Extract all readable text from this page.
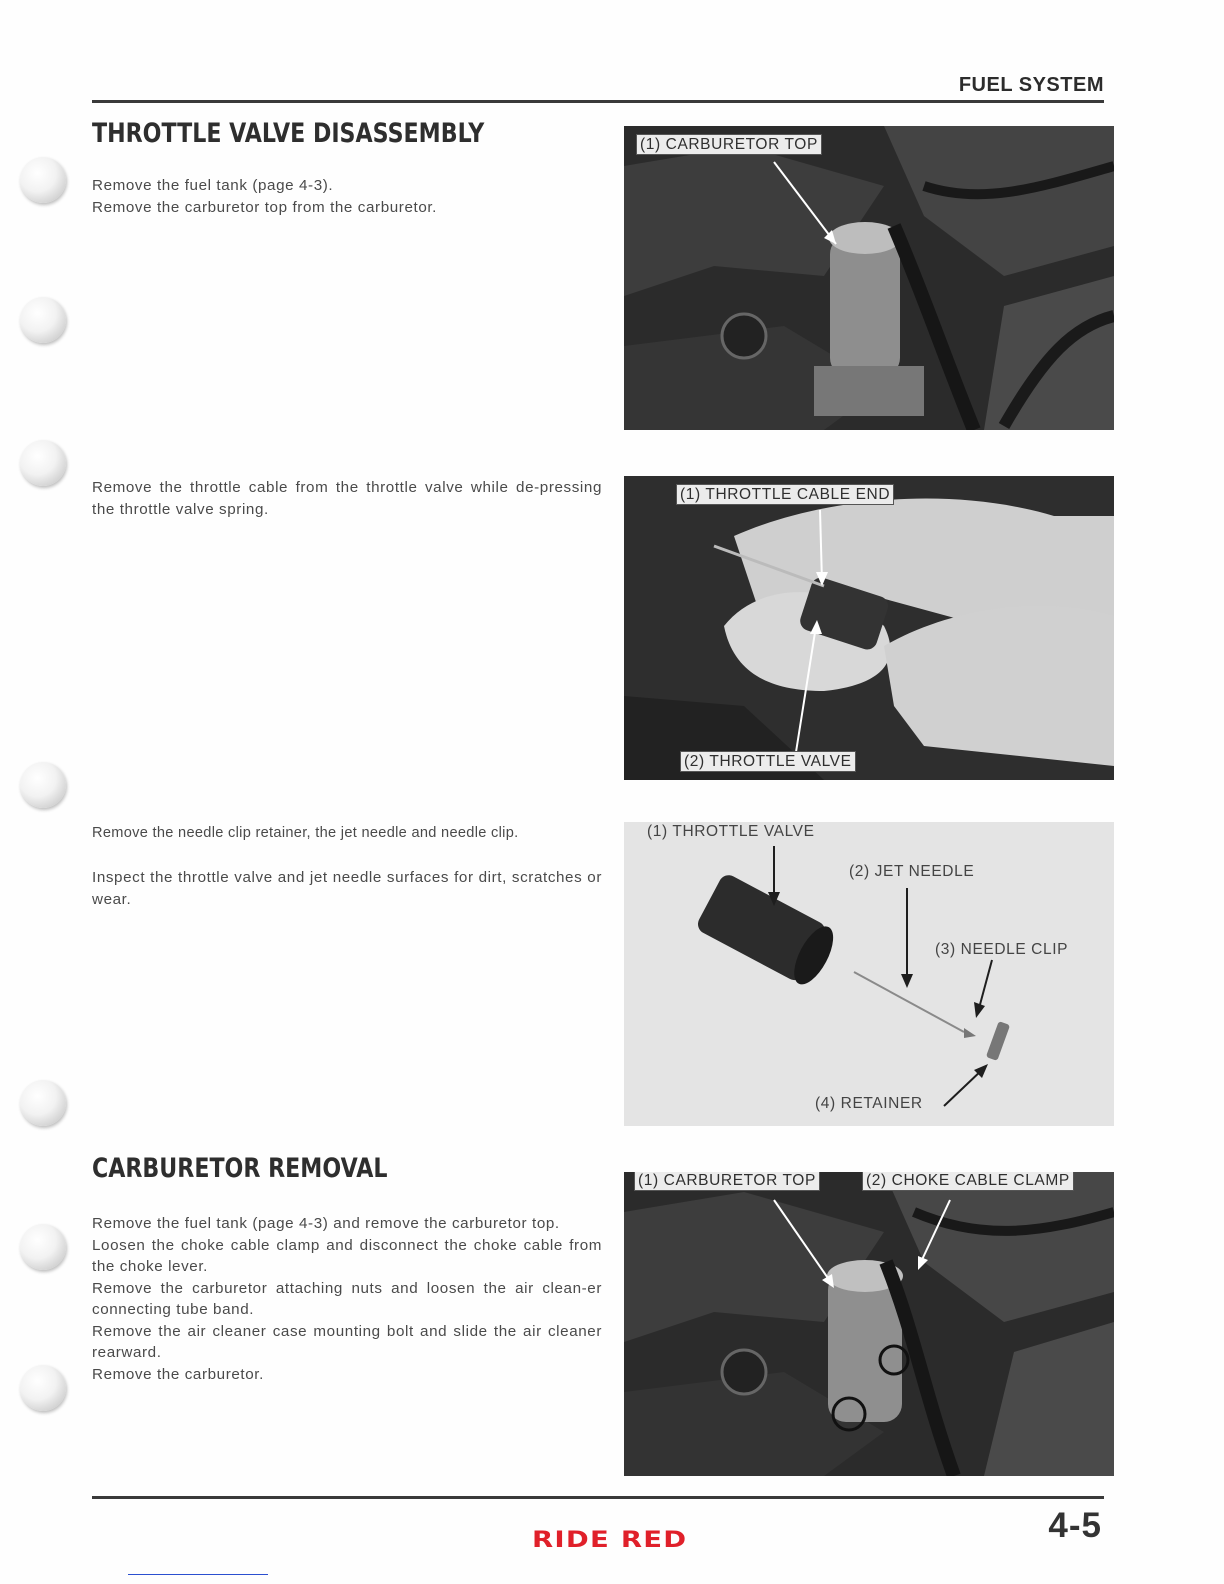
FUEL SYSTEM
THROTTLE VALVE DISASSEMBLY

Remove the fuel tank (page 4-3).

Remove the carburetor top from the carburetor.

Remove the throttle cable from the throttle valve while de-pressing the throttle valve spring.

Remove the needle clip retainer, the jet needle and needle clip.

Inspect the throttle valve and jet needle surfaces for dirt, scratches or wear.

CARBURETOR REMOVAL

Remove the fuel tank (page 4-3) and remove the carburetor top.

Loosen the choke cable clamp and disconnect the choke cable from the choke lever.

Remove the carburetor attaching nuts and loosen the air clean-er connecting tube band.

Remove the air cleaner case mounting bolt and slide the air cleaner rearward.

Remove the carburetor.

(1) CARBURETOR TOP
(1) THROTTLE CABLE END
(2) THROTTLE VALVE
(1) THROTTLE VALVE
(2) JET NEEDLE
(3) NEEDLE CLIP
(4) RETAINER
(1) CARBURETOR TOP	(2) CHOKE CABLE CLAMP
RIDE RED	4-5
